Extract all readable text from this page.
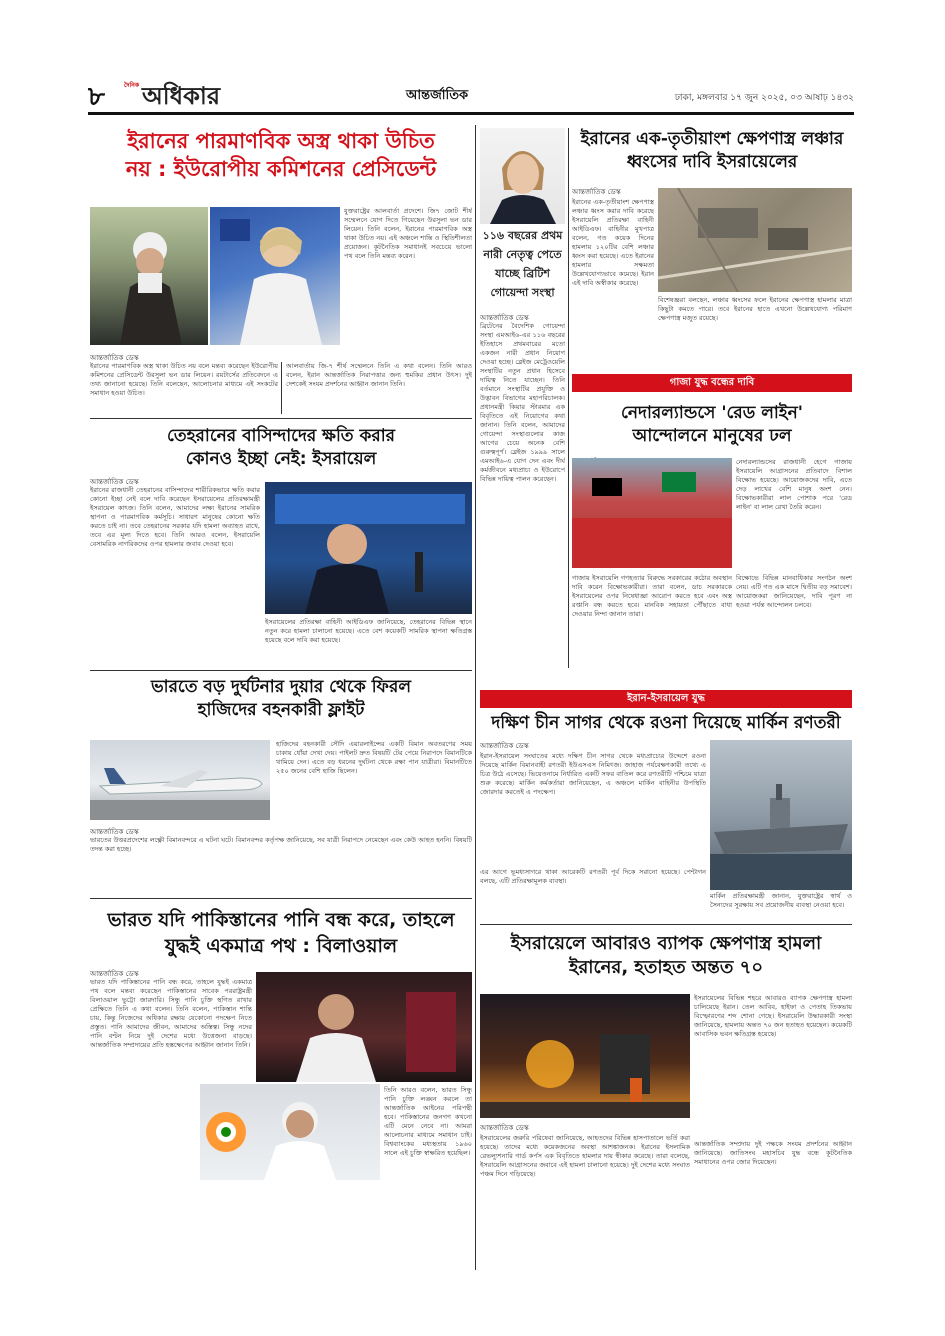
৮	দৈনিক অধিকার	আন্তর্জাতিক	ঢাকা, মঙ্গলবার ১৭ জুন ২০২৫, ০৩ আষাঢ় ১৪৩২
ইরানের পারমাণবিক অস্ত্র থাকা উচিত
নয় : ইউরোপীয় কমিশনের প্রেসিডেন্ট
যুক্তরাষ্ট্রের আলবার্তা প্রদেশে। জি৭ জোট শীর্ষ সম্মেলনে যোগ দিতে গিয়েছেন উরসুলা ভন ডার লিয়েন। তিনি বলেন, ইরানের পারমাণবিক অস্ত্র থাকা উচিত নয়। এই অঞ্চলে শান্তি ও স্থিতিশীলতা প্রয়োজন। কূটনৈতিক সমাধানই সবচেয়ে ভালো পথ বলে তিনি মন্তব্য করেন।
আন্তর্জাতিক ডেস্ক
ইরানের পারমাণবিক অস্ত্র থাকা উচিত নয় বলে মন্তব্য করেছেন ইউরোপীয় কমিশনের প্রেসিডেন্ট উরসুলা ভন ডার লিয়েন। রয়টার্সের প্রতিবেদনে এ তথ্য জানানো হয়েছে। তিনি বলেছেন, আলোচনার মাধ্যমে এই সংকটের সমাধান হওয়া উচিত।
আলবার্তায় জি-৭ শীর্ষ সম্মেলনে তিনি এ কথা বলেন। তিনি আরও বলেন, ইরান আন্তর্জাতিক নিরাপত্তার জন্য হুমকির প্রধান উৎস। দুই দেশকেই সংযম প্রদর্শনের আহ্বান জানান তিনি।
তেহরানের বাসিন্দাদের ক্ষতি করার
কোনও ইচ্ছা নেই: ইসরায়েল
আন্তর্জাতিক ডেস্ক
ইরানের রাজধানী তেহরানের বাসিন্দাদের শারীরিকভাবে ক্ষতি করার কোনো ইচ্ছা নেই বলে দাবি করেছেন ইসরায়েলের প্রতিরক্ষামন্ত্রী ইসরায়েল কাৎজ। তিনি বলেন, আমাদের লক্ষ্য ইরানের সামরিক স্থাপনা ও পারমাণবিক কর্মসূচি। সাধারণ মানুষের কোনো ক্ষতি করতে চাই না। তবে তেহরানের সরকার যদি হামলা অব্যাহত রাখে, তবে এর মূল্য দিতে হবে। তিনি আরও বলেন, ইসরায়েলি বেসামরিক নাগরিকদের ওপর হামলার জবাব দেওয়া হবে।
ইসরায়েলের প্রতিরক্ষা বাহিনী আইডিএফ জানিয়েছে, তেহরানের বিভিন্ন স্থানে নতুন করে হামলা চালানো হয়েছে। এতে বেশ কয়েকটি সামরিক স্থাপনা ক্ষতিগ্রস্ত হয়েছে বলে দাবি করা হয়েছে।
ভারতে বড় দুর্ঘটনার দুয়ার থেকে ফিরল
হাজিদের বহনকারী ফ্লাইট
হাজিদের বহনকারী সৌদি এয়ারলাইন্সের একটি বিমান অবতরণের সময় চাকায় ধোঁয়া দেখা দেয়। পাইলট দ্রুত বিষয়টি টের পেয়ে নিরাপদে বিমানটিকে থামিয়ে দেন। এতে বড় ধরনের দুর্ঘটনা থেকে রক্ষা পান যাত্রীরা। বিমানটিতে ২৫০ জনের বেশি হাজি ছিলেন।
আন্তর্জাতিক ডেস্ক
ভারতের উত্তরপ্রদেশের লক্ষ্ণৌ বিমানবন্দরে এ ঘটনা ঘটে। বিমানবন্দর কর্তৃপক্ষ জানিয়েছে, সব যাত্রী নিরাপদে নেমেছেন এবং কেউ আহত হননি। বিষয়টি তদন্ত করা হচ্ছে।
ভারত যদি পাকিস্তানের পানি বন্ধ করে, তাহলে
যুদ্ধই একমাত্র পথ : বিলাওয়াল
আন্তর্জাতিক ডেস্ক
ভারত যদি পাকিস্তানের পানি বন্ধ করে, তাহলে যুদ্ধই একমাত্র পথ বলে মন্তব্য করেছেন পাকিস্তানের সাবেক পররাষ্ট্রমন্ত্রী বিলাওয়াল ভুট্টো জারদারি। সিন্ধু পানি চুক্তি স্থগিত রাখার প্রেক্ষিতে তিনি এ কথা বলেন। তিনি বলেন, পাকিস্তান শান্তি চায়, কিন্তু নিজেদের অধিকার রক্ষায় যেকোনো পদক্ষেপ নিতে প্রস্তুত। পানি আমাদের জীবন, আমাদের অস্তিত্ব। সিন্ধু নদের পানি বণ্টন নিয়ে দুই দেশের মধ্যে উত্তেজনা বাড়ছে। আন্তর্জাতিক সম্প্রদায়ের প্রতি হস্তক্ষেপের আহ্বান জানান তিনি।
তিনি আরও বলেন, ভারত সিন্ধু পানি চুক্তি লঙ্ঘন করলে তা আন্তর্জাতিক আইনের পরিপন্থী হবে। পাকিস্তানের জনগণ কখনো এটি মেনে নেবে না। আমরা আলোচনার মাধ্যমে সমাধান চাই। বিশ্বব্যাংকের মধ্যস্থতায় ১৯৬০ সালে এই চুক্তি স্বাক্ষরিত হয়েছিল।
১১৬ বছরের প্রথম নারী নেতৃত্ব পেতে যাচ্ছে ব্রিটিশ গোয়েন্দা সংস্থা
আন্তর্জাতিক ডেস্ক
ব্রিটেনের বৈদেশিক গোয়েন্দা সংস্থা এমআই৬-এর ১১৬ বছরের ইতিহাসে প্রথমবারের মতো একজন নারী প্রধান নিয়োগ দেওয়া হচ্ছে। ব্লেইজ মেট্রেওয়েলি সংস্থাটির নতুন প্রধান হিসেবে দায়িত্ব নিতে যাচ্ছেন। তিনি বর্তমানে সংস্থাটির প্রযুক্তি ও উদ্ভাবন বিভাগের মহাপরিচালক। প্রধানমন্ত্রী কিয়ার স্টারমার এক বিবৃতিতে এই নিয়োগের কথা জানান। তিনি বলেন, আমাদের গোয়েন্দা সংস্থাগুলোর কাজ আগের চেয়ে অনেক বেশি গুরুত্বপূর্ণ। ব্লেইজ ১৯৯৯ সালে এমআই৬-এ যোগ দেন এবং দীর্ঘ কর্মজীবনে মধ্যপ্রাচ্য ও ইউরোপে বিভিন্ন দায়িত্ব পালন করেছেন।
ইরানের এক-তৃতীয়াংশ ক্ষেপণাস্ত্র লঞ্চার
ধ্বংসের দাবি ইসরায়েলের
আন্তর্জাতিক ডেস্ক
ইরানের এক-তৃতীয়াংশ ক্ষেপণাস্ত্র লঞ্চার ধ্বংস করার দাবি করেছে ইসরায়েলি প্রতিরক্ষা বাহিনী আইডিএফ। বাহিনীর মুখপাত্র বলেন, গত কয়েক দিনের হামলায় ১২০টির বেশি লঞ্চার ধ্বংস করা হয়েছে। এতে ইরানের হামলার সক্ষমতা উল্লেখযোগ্যভাবে কমেছে। ইরান এই দাবি অস্বীকার করেছে।
বিশেষজ্ঞরা বলছেন, লঞ্চার ধ্বংসের ফলে ইরানের ক্ষেপণাস্ত্র হামলার মাত্রা কিছুটা কমতে পারে। তবে ইরানের হাতে এখনো উল্লেখযোগ্য পরিমাণ ক্ষেপণাস্ত্র মজুত রয়েছে।
গাজা যুদ্ধ বন্ধের দাবি
নেদারল্যান্ডসে 'রেড লাইন'
আন্দোলনে মানুষের ঢল
নেদারল্যান্ডসের রাজধানী হেগে গাজায় ইসরায়েলি আগ্রাসনের প্রতিবাদে বিশাল বিক্ষোভ হয়েছে। আয়োজকদের দাবি, এতে দেড় লাখের বেশি মানুষ অংশ নেন। বিক্ষোভকারীরা লাল পোশাক পরে 'রেড লাইন' বা লাল রেখা তৈরি করেন।
গাজায় ইসরায়েলি গণহত্যার বিরুদ্ধে সরকারের কঠোর অবস্থান দাবি করেন বিক্ষোভকারীরা। তারা বলেন, ডাচ সরকারকে ইসরায়েলের ওপর নিষেধাজ্ঞা আরোপ করতে হবে এবং অস্ত্র রপ্তানি বন্ধ করতে হবে। মানবিক সহায়তা পৌঁছাতে বাধা দেওয়ার নিন্দা জানান তারা।
বিক্ষোভে বিভিন্ন মানবাধিকার সংগঠন অংশ নেয়। এটি গত এক মাসে দ্বিতীয় বড় সমাবেশ। আয়োজকরা জানিয়েছেন, দাবি পূরণ না হওয়া পর্যন্ত আন্দোলন চলবে।
ইরান-ইসরায়েল যুদ্ধ
দক্ষিণ চীন সাগর থেকে রওনা দিয়েছে মার্কিন রণতরী
আন্তর্জাতিক ডেস্ক
ইরান-ইসরায়েল সংঘাতের মধ্যে দক্ষিণ চীন সাগর থেকে মধ্যপ্রাচ্যের উদ্দেশে রওনা দিয়েছে মার্কিন বিমানবাহী রণতরী ইউএসএস নিমিৎজ। জাহাজ পর্যবেক্ষণকারী তথ্যে এ চিত্র উঠে এসেছে। ভিয়েতনামে নির্ধারিত একটি সফর বাতিল করে রণতরীটি পশ্চিমে যাত্রা শুরু করেছে। মার্কিন কর্মকর্তারা জানিয়েছেন, এ অঞ্চলে মার্কিন বাহিনীর উপস্থিতি জোরদার করতেই এ পদক্ষেপ।
এর আগে ভূমধ্যসাগরে থাকা আরেকটি রণতরী পূর্ব দিকে সরানো হয়েছে। পেন্টাগন বলছে, এটি প্রতিরক্ষামূলক ব্যবস্থা।
মার্কিন প্রতিরক্ষামন্ত্রী জানান, যুক্তরাষ্ট্রের স্বার্থ ও সৈন্যদের সুরক্ষায় সব প্রয়োজনীয় ব্যবস্থা নেওয়া হবে।
ইসরায়েলে আবারও ব্যাপক ক্ষেপণাস্ত্র হামলা
ইরানের, হতাহত অন্তত ৭০
ইসরায়েলের বিভিন্ন শহরে আবারও ব্যাপক ক্ষেপণাস্ত্র হামলা চালিয়েছে ইরান। তেল আবিব, হাইফা ও পেতাহ তিকভায় বিস্ফোরণের শব্দ শোনা গেছে। ইসরায়েলি উদ্ধারকারী সংস্থা জানিয়েছে, হামলায় অন্তত ৭০ জন হতাহত হয়েছেন। কয়েকটি আবাসিক ভবন ক্ষতিগ্রস্ত হয়েছে।
আন্তর্জাতিক ডেস্ক
ইসরায়েলের জরুরি পরিষেবা জানিয়েছে, আহতদের বিভিন্ন হাসপাতালে ভর্তি করা হয়েছে। তাদের মধ্যে কয়েকজনের অবস্থা আশঙ্কাজনক। ইরানের ইসলামিক রেভল্যুশনারি গার্ড কর্পস এক বিবৃতিতে হামলার দায় স্বীকার করেছে। তারা বলেছে, ইসরায়েলি আগ্রাসনের জবাবে এই হামলা চালানো হয়েছে। দুই দেশের মধ্যে সংঘাত পঞ্চম দিনে গড়িয়েছে।
আন্তর্জাতিক সম্প্রদায় দুই পক্ষকে সংযম প্রদর্শনের আহ্বান জানিয়েছে। জাতিসংঘ মহাসচিব যুদ্ধ বন্ধে কূটনৈতিক সমাধানের ওপর জোর দিয়েছেন।
